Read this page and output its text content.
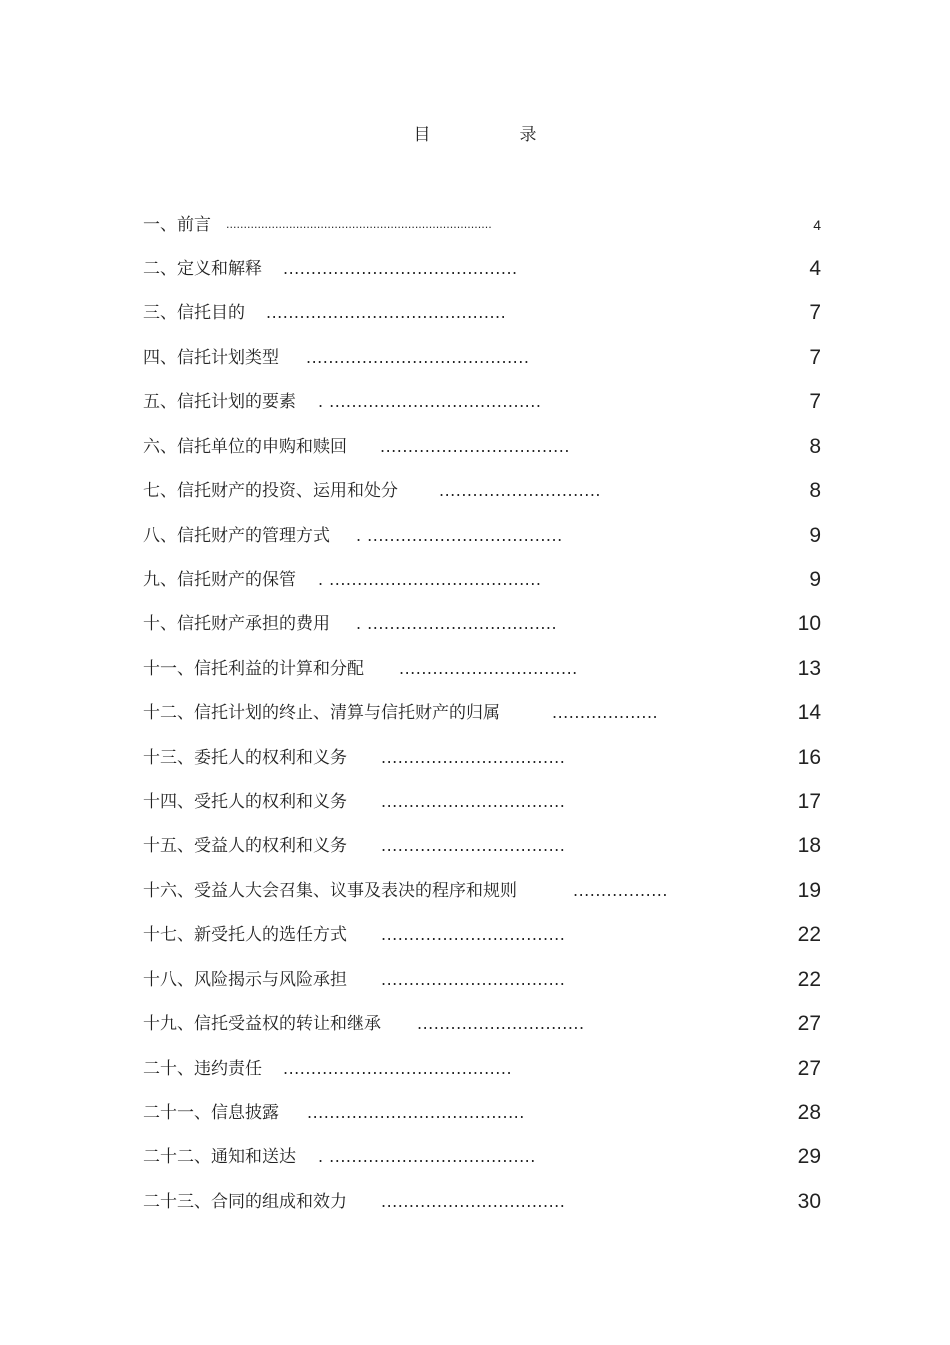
目　录
一、前言 ............................................................................	4
二、定义和解释 ..........................................	4
三、信托目的 ...........................................	7
四、信托计划类型 ........................................	7
五、信托计划的要素 . ......................................	7
六、信托单位的申购和赎回 ..................................	8
七、信托财产的投资、运用和处分	.............................	8
八、信托财产的管理方式 . ...................................	9
九、信托财产的保管 . ......................................	9
十、信托财产承担的费用 . ..................................	10
十一、信托利益的计算和分配 ................................	13
十二、信托计划的终止、清算与信托财产的归属	...................	14
十三、委托人的权利和义务 .................................	16
十四、受托人的权利和义务 .................................	17
十五、受益人的权利和义务 .................................	18
十六、受益人大会召集、议事及表决的程序和规则	.................	19
十七、新受托人的选任方式 .................................	22
十八、风险揭示与风险承担 .................................	22
十九、信托受益权的转让和继承 ..............................	27
二十、违约责任 .........................................	27
二十一、信息披露 .......................................	28
二十二、通知和送达 . .....................................	29
二十三、合同的组成和效力 .................................	30
